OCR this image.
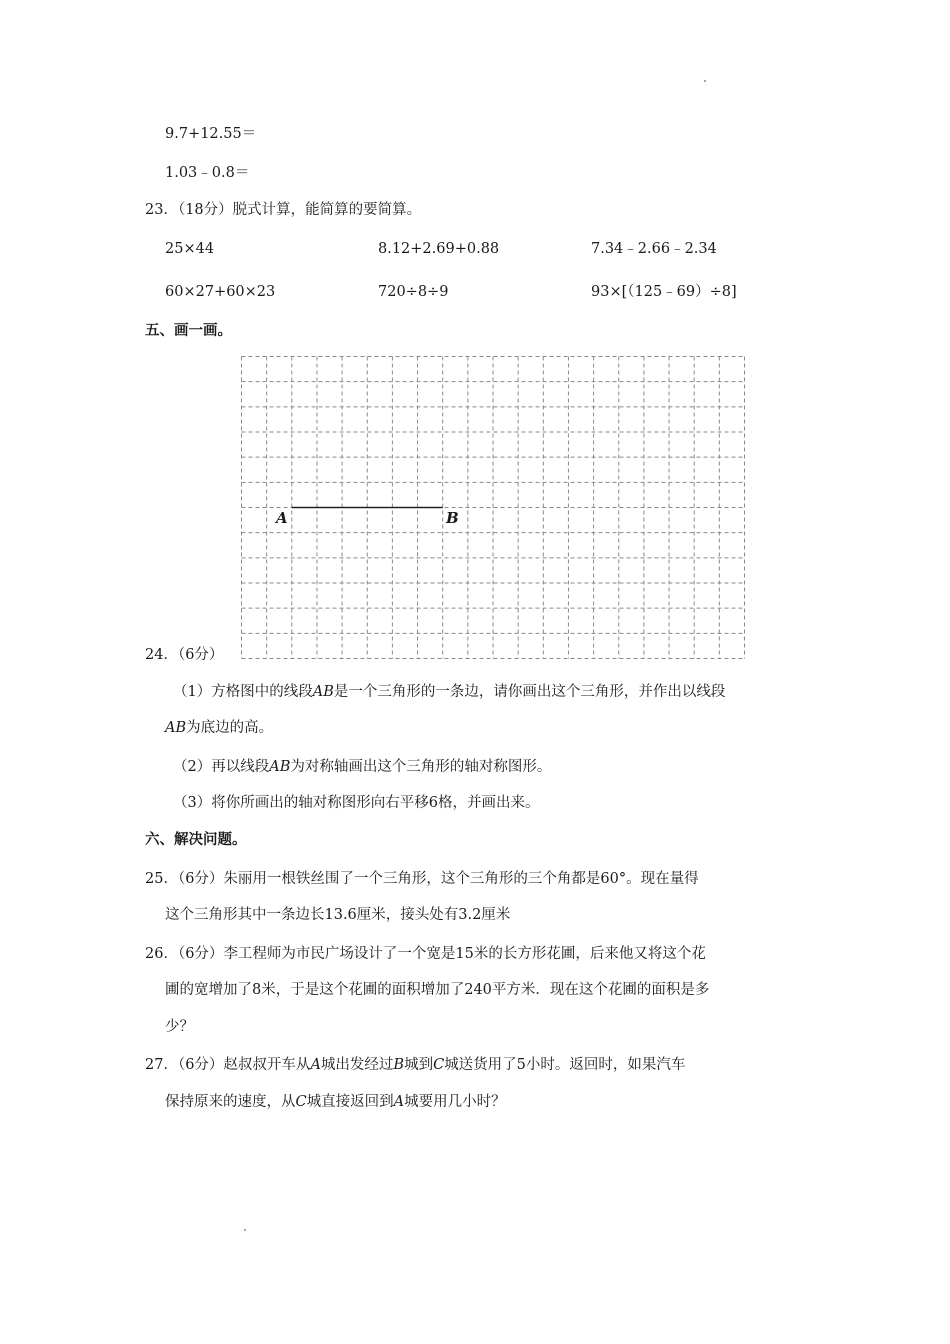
9.7+12.55＝
1.03﹣0.8＝
23．（18分）脱式计算，能简算的要简算。
25×44	8.12+2.69+0.88	7.34﹣2.66﹣2.34
60×27+60×23	720÷8÷9	93×[（125﹣69）÷8]
五、画一画。
A	B
24．（6分）
（1）方格图中的线段AB是一个三角形的一条边，请你画出这个三角形，并作出以线段
AB为底边的高。
（2）再以线段AB为对称轴画出这个三角形的轴对称图形。
（3）将你所画出的轴对称图形向右平移6格，并画出来。
六、解决问题。
25．（6分）朱丽用一根铁丝围了一个三角形，这个三角形的三个角都是60°。现在量得
这个三角形其中一条边长13.6厘米，接头处有3.2厘米
26．（6分）李工程师为市民广场设计了一个宽是15米的长方形花圃，后来他又将这个花
圃的宽增加了8米，于是这个花圃的面积增加了240平方米．现在这个花圃的面积是多
少？
27．（6分）赵叔叔开车从A城出发经过B城到C城送货用了5小时。返回时，如果汽车
保持原来的速度，从C城直接返回到A城要用几小时？
